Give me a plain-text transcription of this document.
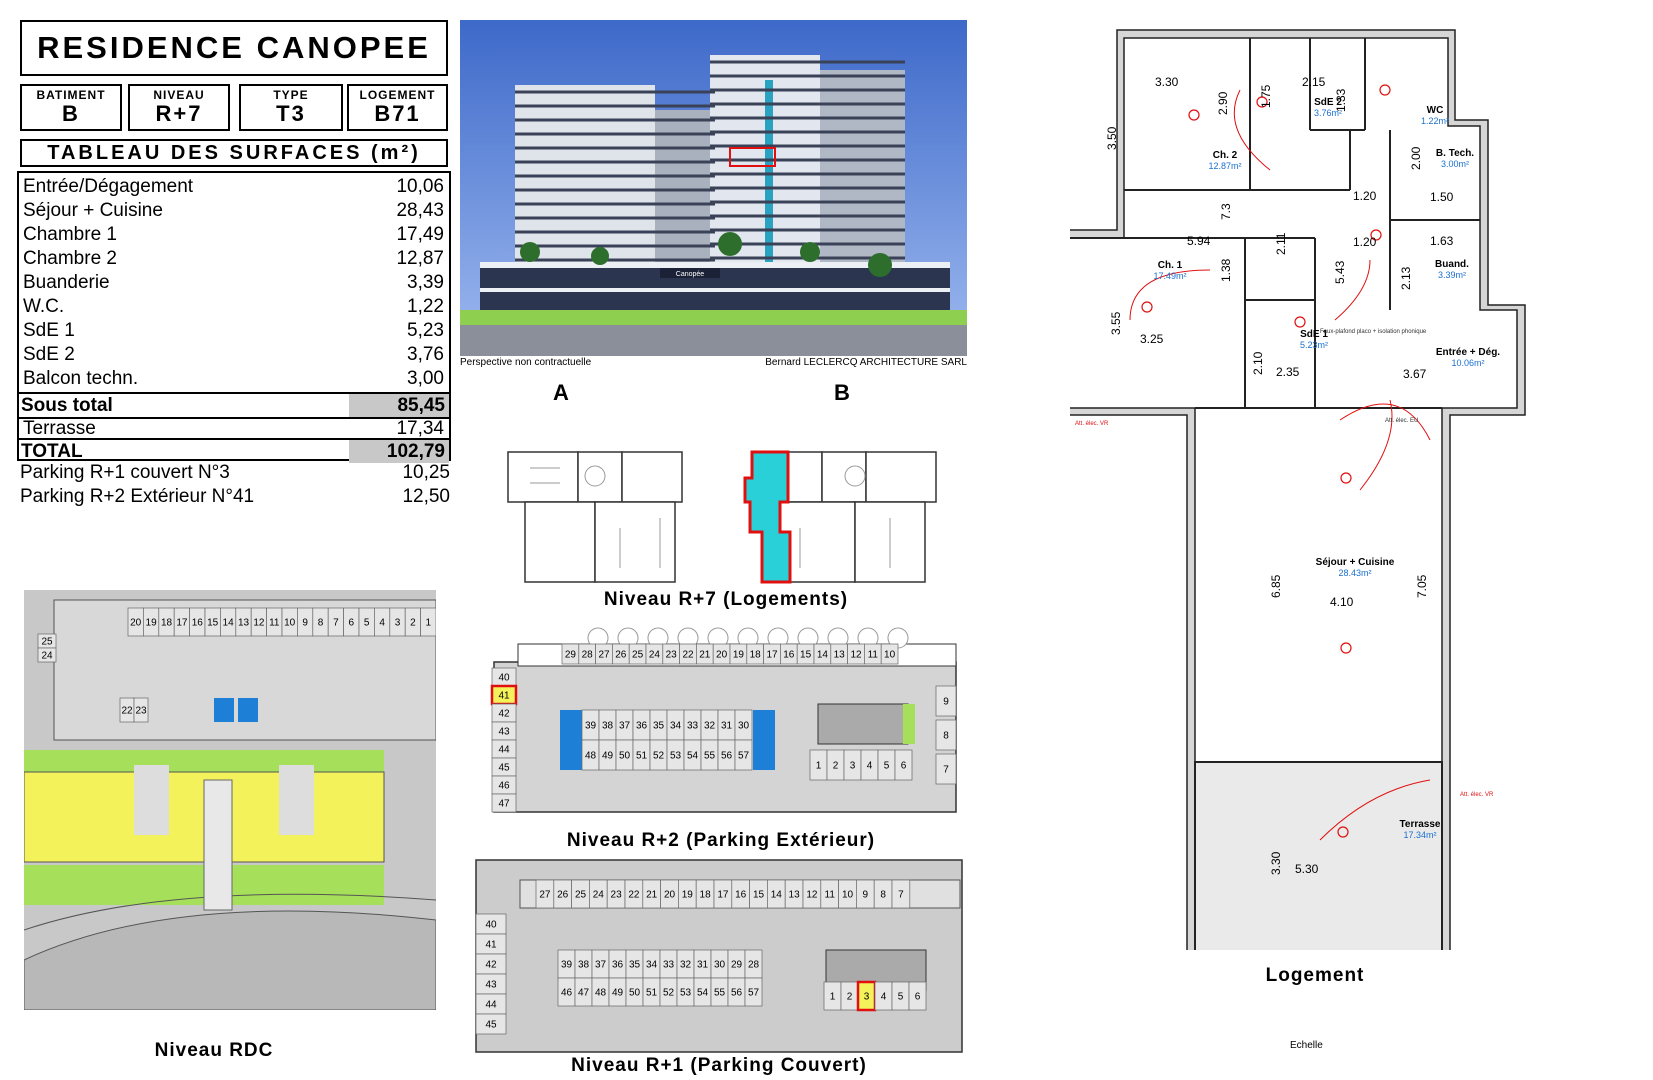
RESIDENCE CANOPEE
BATIMENT
B
NIVEAU
R+7
TYPE
T3
LOGEMENT
B71
TABLEAU DES SURFACES (m²)
Entrée/Dégagement	10,06
Séjour + Cuisine	28,43
Chambre 1	17,49
Chambre 2	12,87
Buanderie	3,39
W.C.	1,22
SdE 1	5,23
SdE 2	3,76
Balcon techn.	3,00
Sous total	85,45
Terrasse	17,34
TOTAL	102,79
Parking R+1 couvert N°3	10,25
Parking R+2 Extérieur N°41	12,50
Canopée
Perspective non contractuelle	Bernard LECLERCQ ARCHITECTURE SARL
A	B
Niveau R+7 (Logements)
29 28 27 26 25 24 23 22 21 20 19 18 17 16 15 14 13 12 11 10
40
41
42
43
44
45
46
47
39 38 37 36 35 34 33 32 31 30
48 49 50 51 52 53 54 55 56 57
1 2 3 4 5 6
9
8
7
Niveau R+2 (Parking Extérieur)
27 26 25 24 23 22 21 20 19 18 17 16 15 14 13 12 11 10 9 8 7
40
41
42
43
44
45
39 38 37 36 35 34 33 32 31 30 29 28
46 47 48 49 50 51 52 53 54 55 56 57	1 2 3 4 5 6
Niveau R+1 (Parking Couvert)
20 19 18 17 16 15 14 13 12 11 10 9 8 7 6 5 4 3 2 1
25
24
22 23
Niveau RDC
3.30
2.90
3.50
1.75
2.15
1.33
2.00
1.50
1.20
1.20	1.63
5.94
7.3
2.11
1.38	5.43	2.13
3.55
3.25
2.10 2.35	3.67
6.85
4.10
7.05
3.30 5.30
Ch. 2
12.87m²
SdE 2
3.76m²	WC
1.22m²
B. Tech.
3.00m²
Ch. 1
17.49m²
Buand.
3.39m²
SdE 1
5.23m²
Entrée + Dég.
10.06m²
Séjour + Cuisine
28.43m²
Terrasse
17.34m²
Faux-plafond placo + isolation phonique
Att. élec. VR	Att. élec. EU
Att. élec. VR
Logement
Echelle
